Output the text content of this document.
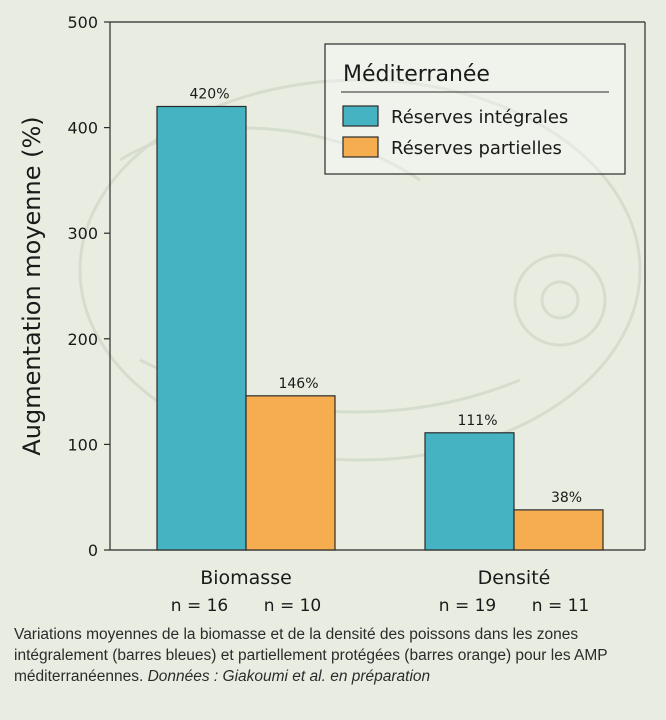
0
100
200
300
400
500
Augmentation moyenne (%)
420%
111%
146%
38%
Biomasse
n = 16 n = 10
Densité
n = 19 n = 11
Méditerranée
Réserves intégrales
Réserves partielles
Variations moyennes de la biomasse et de la densité des poissons dans les zones intégralement (barres bleues) et partiellement protégées (barres orange) pour les AMP méditerranéennes. Données : Giakoumi et al. en préparation
